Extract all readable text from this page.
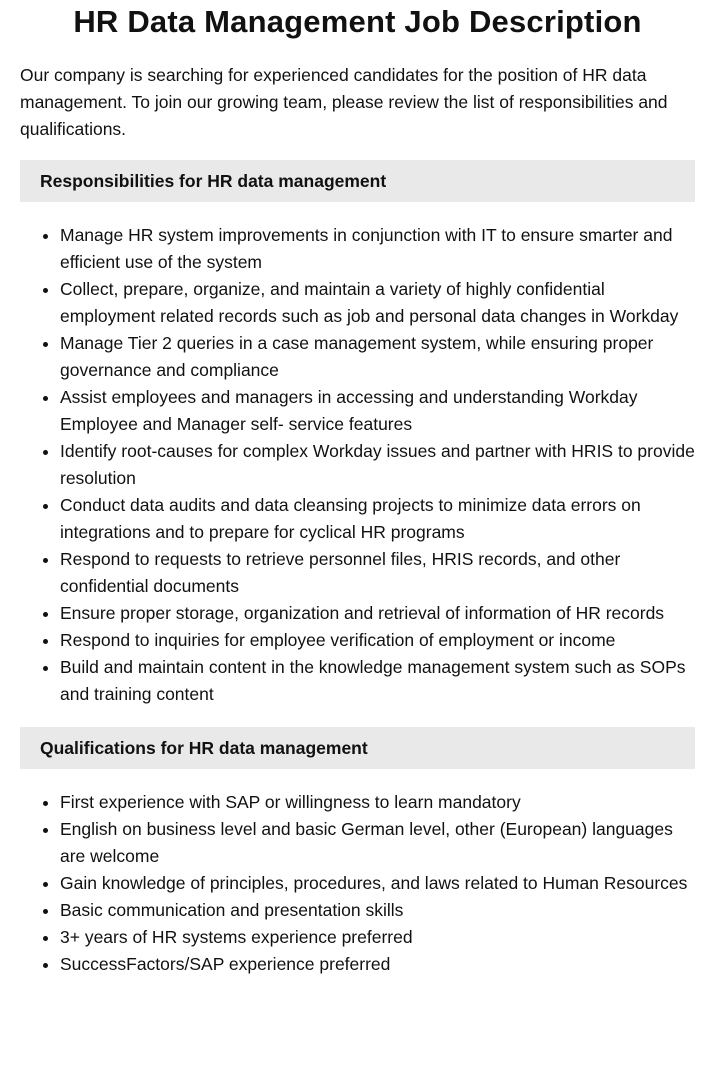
HR Data Management Job Description

Our company is searching for experienced candidates for the position of HR data management. To join our growing team, please review the list of responsibilities and qualifications.

Responsibilities for HR data management
• Manage HR system improvements in conjunction with IT to ensure smarter and efficient use of the system
• Collect, prepare, organize, and maintain a variety of highly confidential employment related records such as job and personal data changes in Workday
• Manage Tier 2 queries in a case management system, while ensuring proper governance and compliance
• Assist employees and managers in accessing and understanding Workday Employee and Manager self- service features
• Identify root-causes for complex Workday issues and partner with HRIS to provide resolution
• Conduct data audits and data cleansing projects to minimize data errors on integrations and to prepare for cyclical HR programs
• Respond to requests to retrieve personnel files, HRIS records, and other confidential documents
• Ensure proper storage, organization and retrieval of information of HR records
• Respond to inquiries for employee verification of employment or income
• Build and maintain content in the knowledge management system such as SOPs and training content
Qualifications for HR data management
• First experience with SAP or willingness to learn mandatory
• English on business level and basic German level, other (European) languages are welcome
• Gain knowledge of principles, procedures, and laws related to Human Resources
• Basic communication and presentation skills
• 3+ years of HR systems experience preferred
• SuccessFactors/SAP experience preferred
